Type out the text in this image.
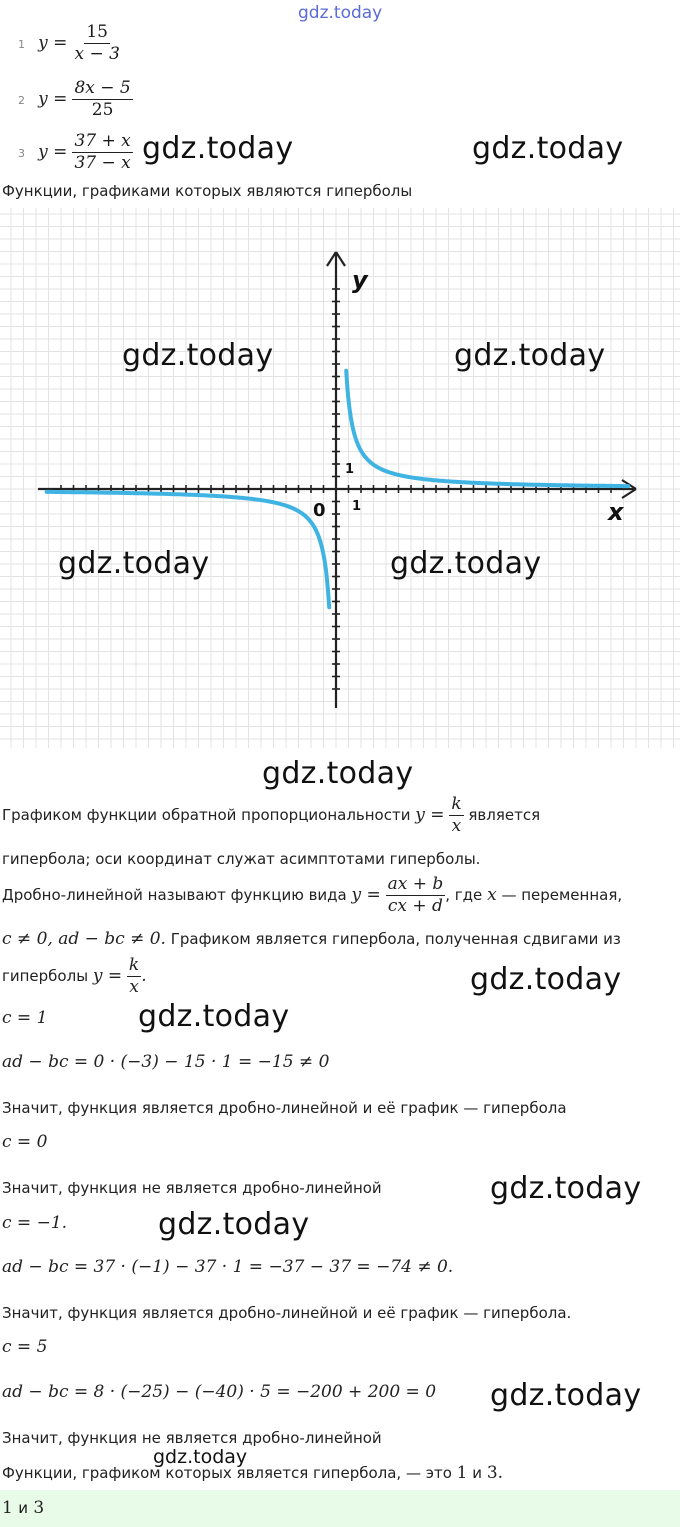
gdz.today
1 $y = \frac{15}{x - 3}$
2 $y = \frac{8x - 5}{25}$
3 $y = \frac{37 + x}{37 - x}$ gdz.today	gdz.today
Функции, графиками которых являются гиперболы
y
x
0 1
1
gdz.today	gdz.today
gdz.today	gdz.today
gdz.today
Графиком функции обратной пропорциональности $y = \frac{k}{x}$ является
гипербола; оси координат служат асимптотами гиперболы.
Дробно-линейной называют функцию вида $y = \frac{ax + b}{cx + d}$ , где x — переменная,
c ≠ 0, ad − bc ≠ 0. Графиком является гипербола, полученная сдвигами из
гиперболы $y = \frac{k}{x}$ .	gdz.today
c = 1	gdz.today
ad − bc = 0 · (−3) − 15 · 1 = −15 ≠ 0
Значит, функция является дробно-линейной и её график — гипербола
c = 0
Значит, функция не является дробно-линейной	gdz.today
c = −1.	gdz.today
ad − bc = 37 · (−1) − 37 · 1 = −37 − 37 = −74 ≠ 0.
Значит, функция является дробно-линейной и её график — гипербола.
c = 5
ad − bc = 8 · (−25) − (−40) · 5 = −200 + 200 = 0 gdz.today
Значит, функция не является дробно-линейной
gdz.today
Функции, графиком которых является гипербола, — это 1 и 3.
1 и 3
